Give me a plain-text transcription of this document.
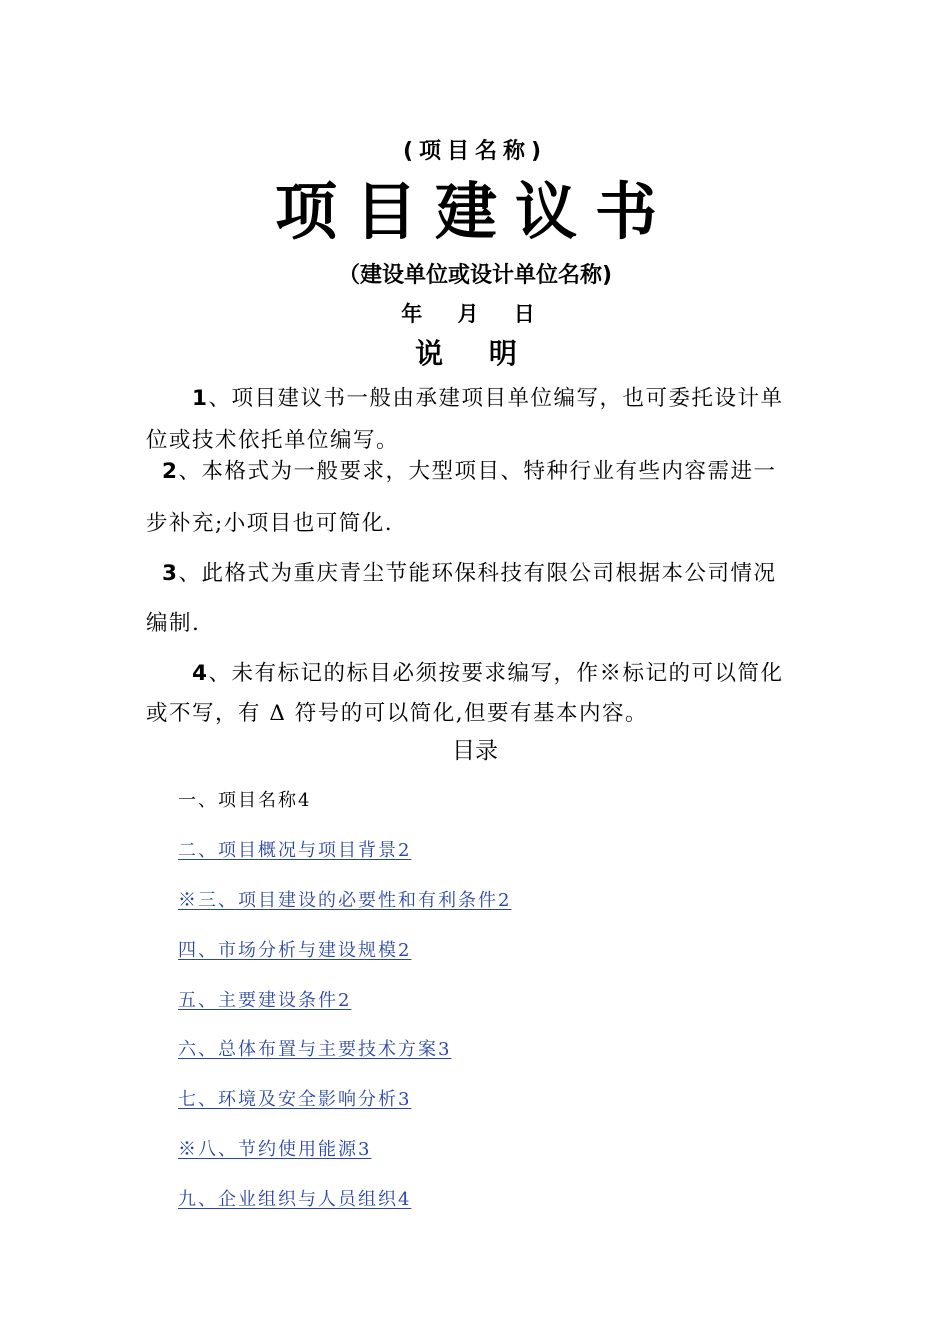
(项目名称)
项目建议书
（建设单位或设计单位名称)
年 月 日
说 明
1、项目建议书一般由承建项目单位编写，也可委托设计单
位或技术依托单位编写。
2、本格式为一般要求，大型项目、特种行业有些内容需进一
步补充;小项目也可简化.
3、此格式为重庆青尘节能环保科技有限公司根据本公司情况
编制.
4、未有标记的标目必须按要求编写，作※标记的可以简化
或不写，有 Δ 符号的可以简化,但要有基本内容。
目录
一、项目名称4
二、项目概况与项目背景2
※三、项目建设的必要性和有利条件2
四、市场分析与建设规模2
五、主要建设条件2
六、总体布置与主要技术方案3
七、环境及安全影响分析3
※八、节约使用能源3
九、企业组织与人员组织4
